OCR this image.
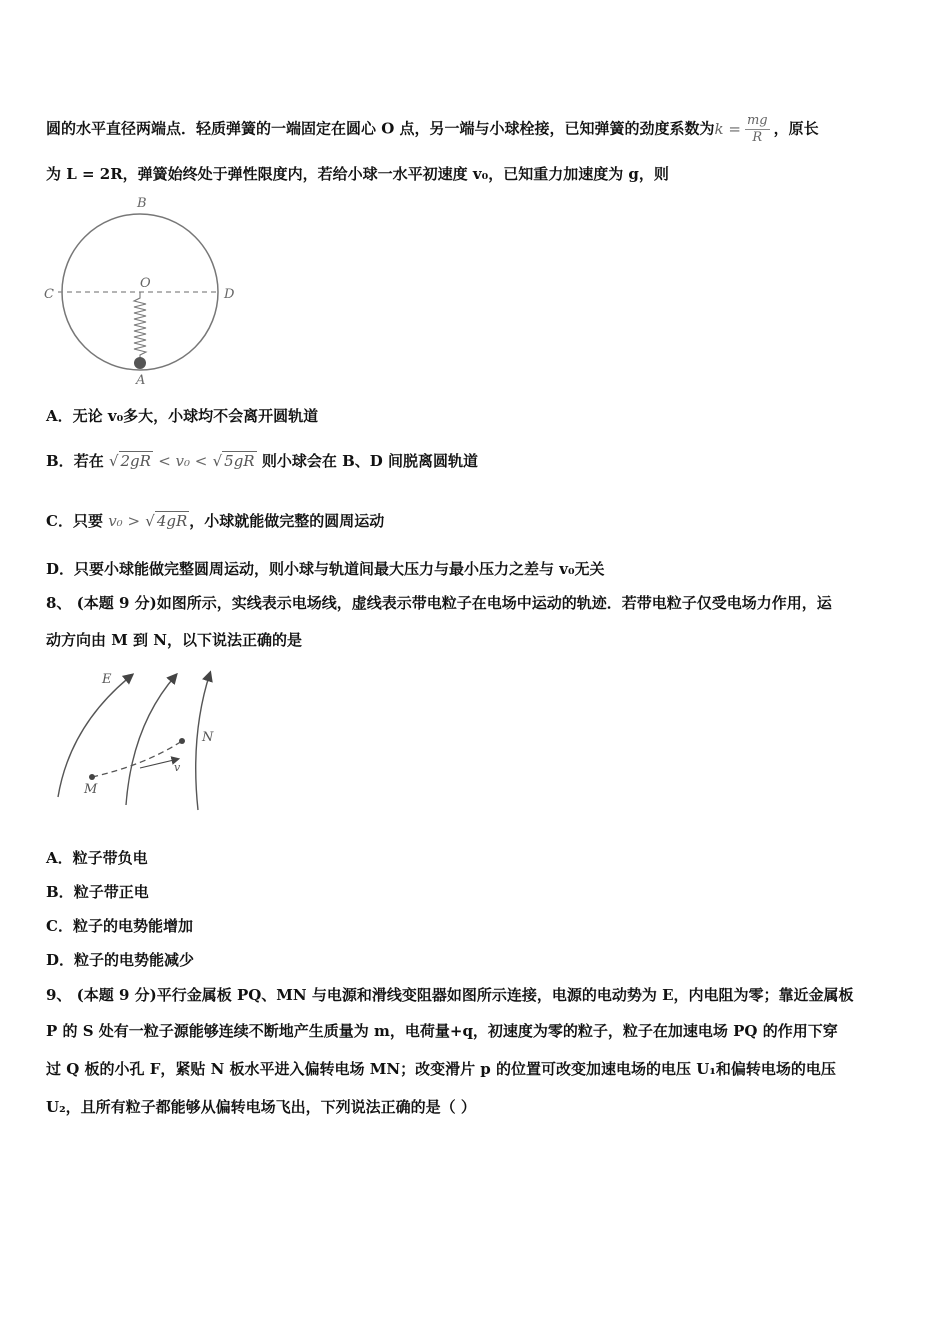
圆的水平直径两端点．轻质弹簧的一端固定在圆心 O 点，另一端与小球栓接，已知弹簧的劲度系数为$k = \frac{mg}{R}$ ，原长
为 L = 2R，弹簧始终处于弹性限度内，若给小球一水平初速度 v₀，已知重力加速度为 g，则
B
C	D
O
A
A．无论 v₀多大，小球均不会离开圆轨道
B．若在 √ 2gR < v₀ < √ 5gR 则小球会在 B、D 间脱离圆轨道
C．只要 v₀ > √ 4gR ，小球就能做完整的圆周运动
D．只要小球能做完整圆周运动，则小球与轨道间最大压力与最小压力之差与 v₀无关
8、 (本题 9 分)如图所示，实线表示电场线，虚线表示带电粒子在电场中运动的轨迹．若带电粒子仅受电场力作用，运
动方向由 M 到 N，以下说法正确的是
E
M
N
v
A．粒子带负电
B．粒子带正电
C．粒子的电势能增加
D．粒子的电势能减少
9、 (本题 9 分)平行金属板 PQ、MN 与电源和滑线变阻器如图所示连接，电源的电动势为 E，内电阻为零；靠近金属板
P 的 S 处有一粒子源能够连续不断地产生质量为 m，电荷量+q，初速度为零的粒子，粒子在加速电场 PQ 的作用下穿
过 Q 板的小孔 F，紧贴 N 板水平进入偏转电场 MN；改变滑片 p 的位置可改变加速电场的电压 U₁和偏转电场的电压
U₂，且所有粒子都能够从偏转电场飞出，下列说法正确的是（ ）
